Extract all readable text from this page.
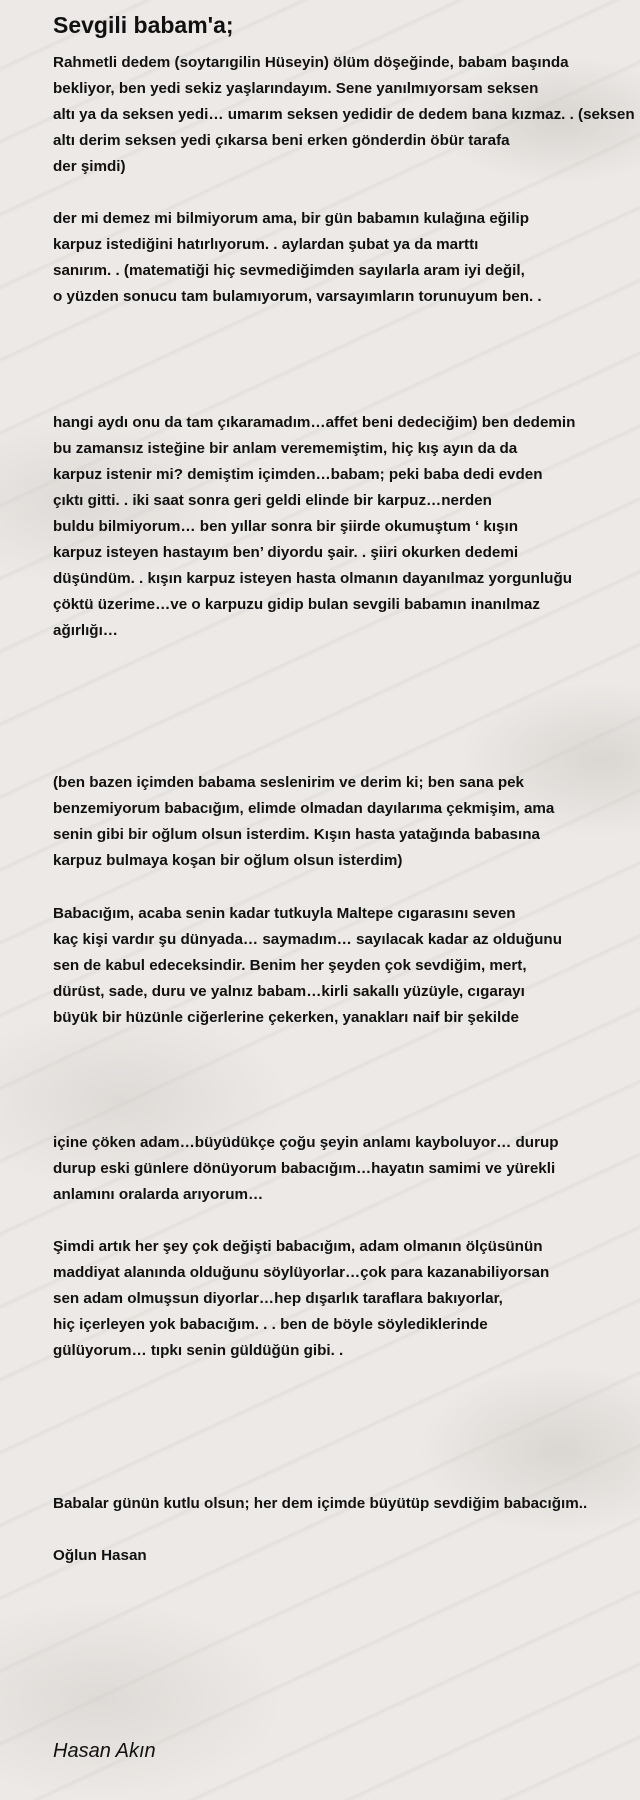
Sevgili babam'a;

Rahmetli dedem (soytarıgilin Hüseyin) ölüm döşeğinde, babam başında
bekliyor, ben yedi sekiz yaşlarındayım. Sene yanılmıyorsam seksen
altı ya da seksen yedi… umarım seksen yedidir de dedem bana kızmaz. . (seksen
altı derim seksen yedi çıkarsa beni erken gönderdin öbür tarafa
der şimdi)

der mi demez mi bilmiyorum ama, bir gün babamın kulağına eğilip
karpuz istediğini hatırlıyorum. . aylardan şubat ya da marttı
sanırım. . (matematiği hiç sevmediğimden sayılarla aram iyi değil,
o yüzden sonucu tam bulamıyorum, varsayımların torunuyum ben. .

hangi aydı onu da tam çıkaramadım…affet beni dedeciğim) ben dedemin
bu zamansız isteğine bir anlam verememiştim, hiç kış ayın da da
karpuz istenir mi? demiştim içimden…babam; peki baba dedi evden
çıktı gitti. . iki saat sonra geri geldi elinde bir karpuz…nerden
buldu bilmiyorum… ben yıllar sonra bir şiirde okumuştum ‘ kışın
karpuz isteyen hastayım ben’ diyordu şair. . şiiri okurken dedemi
düşündüm. . kışın karpuz isteyen hasta olmanın dayanılmaz yorgunluğu
çöktü üzerime…ve o karpuzu gidip bulan sevgili babamın inanılmaz
ağırlığı…

(ben bazen içimden babama seslenirim ve derim ki; ben sana pek
benzemiyorum babacığım, elimde olmadan dayılarıma çekmişim, ama
senin gibi bir oğlum olsun isterdim. Kışın hasta yatağında babasına
karpuz bulmaya koşan bir oğlum olsun isterdim)

Babacığım, acaba senin kadar tutkuyla Maltepe cıgarasını seven
kaç kişi vardır şu dünyada… saymadım… sayılacak kadar az olduğunu
sen de kabul edeceksindir. Benim her şeyden çok sevdiğim, mert,
dürüst, sade, duru ve yalnız babam…kirli sakallı yüzüyle, cıgarayı
büyük bir hüzünle ciğerlerine çekerken, yanakları naif bir şekilde

içine çöken adam…büyüdükçe çoğu şeyin anlamı kayboluyor… durup
durup eski günlere dönüyorum babacığım…hayatın samimi ve yürekli
anlamını oralarda arıyorum…

Şimdi artık her şey çok değişti babacığım, adam olmanın ölçüsünün
maddiyat alanında olduğunu söylüyorlar…çok para kazanabiliyorsan
sen adam olmuşsun diyorlar…hep dışarlık taraflara bakıyorlar,
hiç içerleyen yok babacığım. . . ben de böyle söylediklerinde
gülüyorum… tıpkı senin güldüğün gibi. .

Babalar günün kutlu olsun; her dem içimde büyütüp sevdiğim babacığım..

Oğlun Hasan

Hasan Akın
